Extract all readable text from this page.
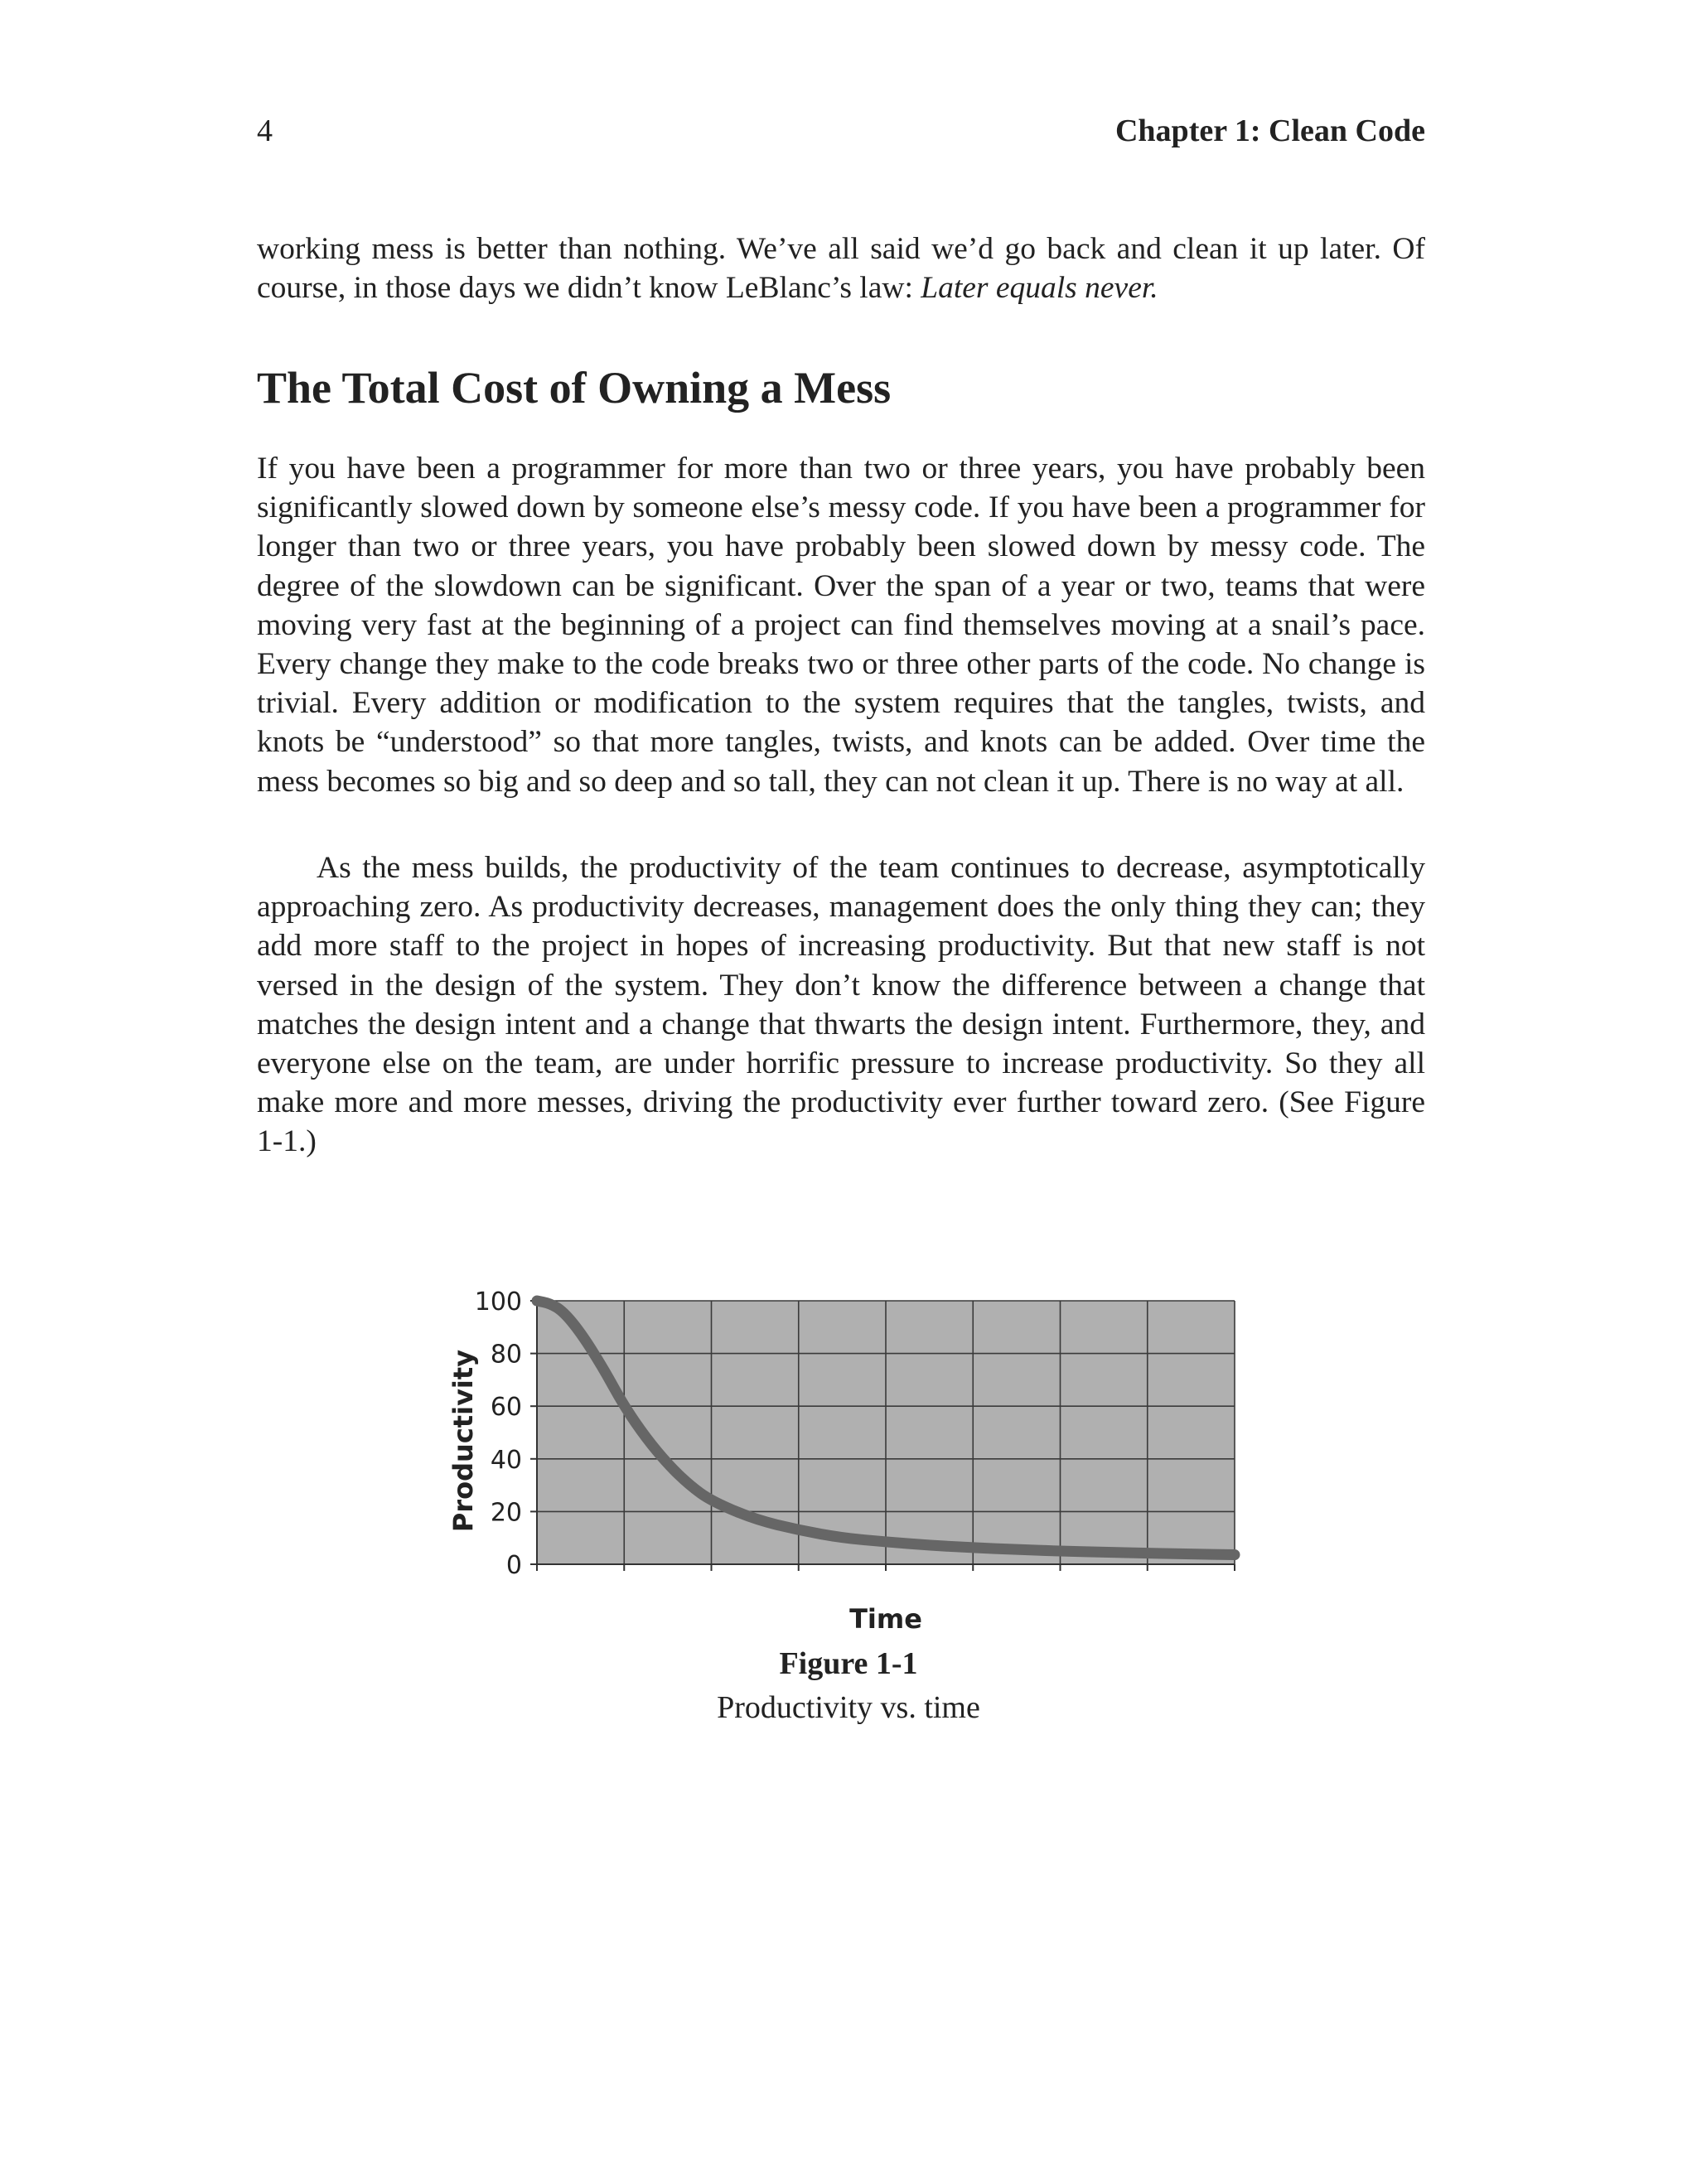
4	Chapter 1: Clean Code

working mess is better than nothing. We’ve all said we’d go back and clean it up later. Of course, in those days we didn’t know LeBlanc’s law: Later equals never.

The Total Cost of Owning a Mess

If you have been a programmer for more than two or three years, you have probably been significantly slowed down by someone else’s messy code. If you have been a programmer for longer than two or three years, you have probably been slowed down by messy code. The degree of the slowdown can be significant. Over the span of a year or two, teams that were moving very fast at the beginning of a project can find themselves moving at a snail’s pace. Every change they make to the code breaks two or three other parts of the code. No change is trivial. Every addition or modification to the system requires that the tangles, twists, and knots be “understood” so that more tangles, twists, and knots can be added. Over time the mess becomes so big and so deep and so tall, they can not clean it up. There is no way at all.

As the mess builds, the productivity of the team continues to decrease, asymptotically approaching zero. As productivity decreases, management does the only thing they can; they add more staff to the project in hopes of increasing productivity. But that new staff is not versed in the design of the system. They don’t know the difference between a change that matches the design intent and a change that thwarts the design intent. Furthermore, they, and everyone else on the team, are under horrific pressure to increase productivity. So they all make more and more messes, driving the productivity ever further toward zero. (See Figure 1-1.)

0
20
40
60
80
100
Time
Productivity
Figure 1-1
Productivity vs. time
